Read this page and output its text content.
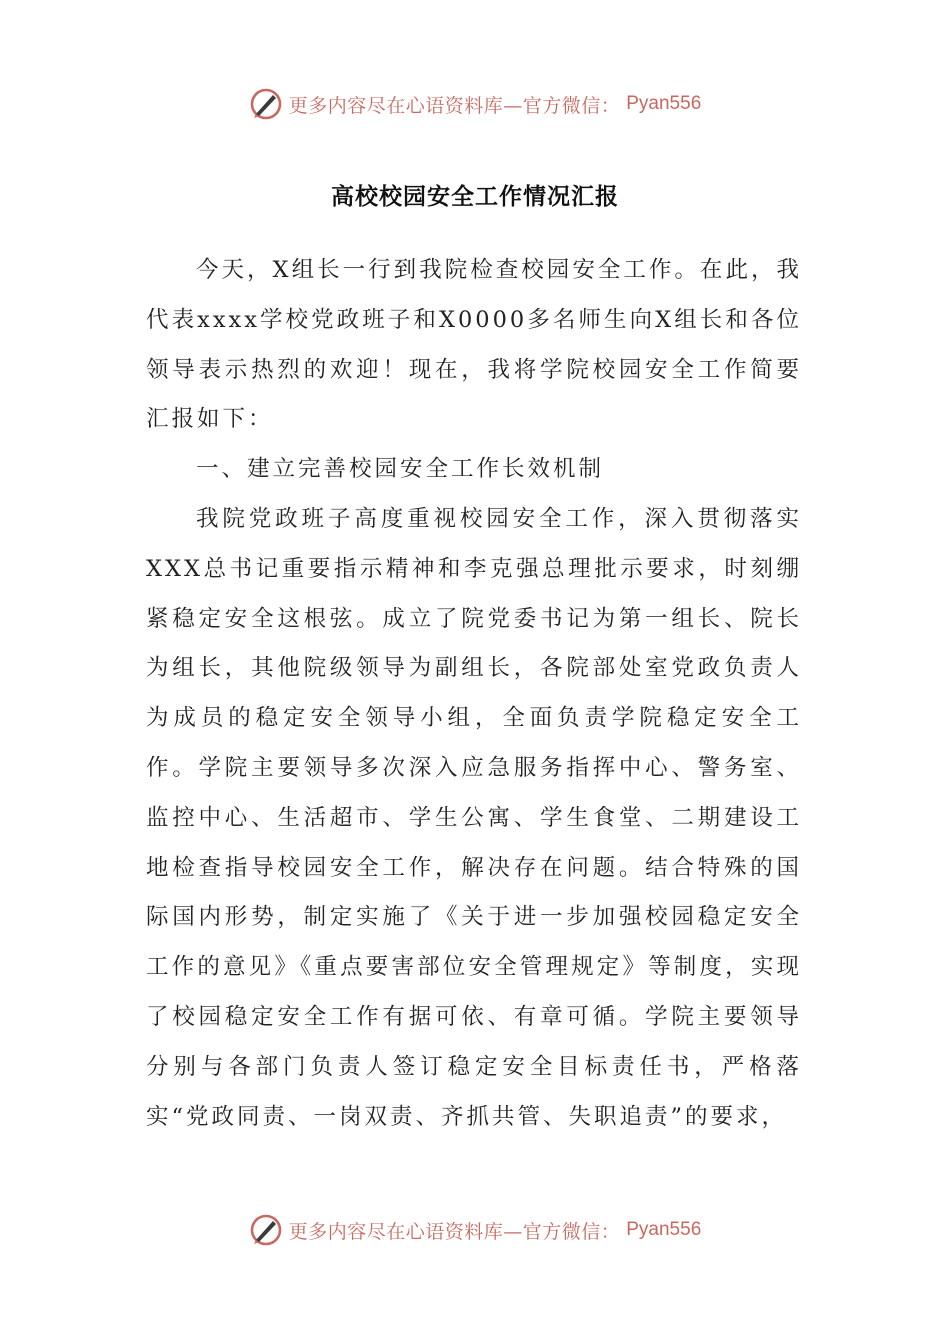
更多内容尽在心语资料库—官方微信： Pyan556
高校校园安全工作情况汇报

今天，X组长一行到我院检查校园安全工作。在此，我代表xxxx学校党政班子和X0000多名师生向X组长和各位领导表示热烈的欢迎！现在，我将学院校园安全工作简要汇报如下：

一、建立完善校园安全工作长效机制

我院党政班子高度重视校园安全工作，深入贯彻落实XXX总书记重要指示精神和李克强总理批示要求，时刻绷紧稳定安全这根弦。成立了院党委书记为第一组长、院长为组长，其他院级领导为副组长，各院部处室党政负责人为成员的稳定安全领导小组，全面负责学院稳定安全工作。学院主要领导多次深入应急服务指挥中心、警务室、监控中心、生活超市、学生公寓、学生食堂、二期建设工地检查指导校园安全工作，解决存在问题。结合特殊的国际国内形势，制定实施了《关于进一步加强校园稳定安全工作的意见》《重点要害部位安全管理规定》等制度，实现了校园稳定安全工作有据可依、有章可循。学院主要领导分别与各部门负责人签订稳定安全目标责任书，严格落实“党政同责、一岗双责、齐抓共管、失职追责”的要求，

更多内容尽在心语资料库—官方微信： Pyan556
